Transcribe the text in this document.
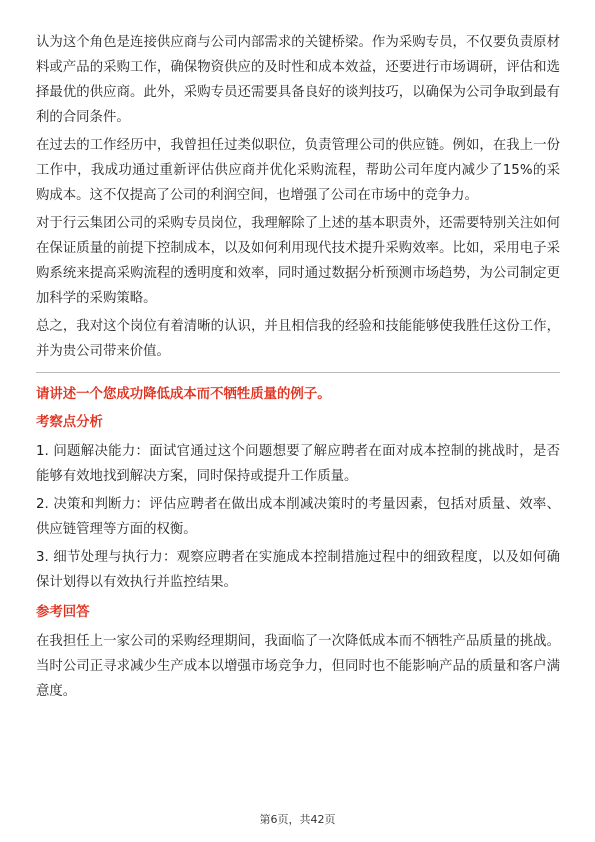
认为这个角色是连接供应商与公司内部需求的关键桥梁。作为采购专员，不仅要负责原材料或产品的采购工作，确保物资供应的及时性和成本效益，还要进行市场调研，评估和选择最优的供应商。此外，采购专员还需要具备良好的谈判技巧，以确保为公司争取到最有利的合同条件。

在过去的工作经历中，我曾担任过类似职位，负责管理公司的供应链。例如，在我上一份工作中，我成功通过重新评估供应商并优化采购流程，帮助公司年度内减少了15%的采购成本。这不仅提高了公司的利润空间，也增强了公司在市场中的竞争力。

对于行云集团公司的采购专员岗位，我理解除了上述的基本职责外，还需要特别关注如何在保证质量的前提下控制成本，以及如何利用现代技术提升采购效率。比如，采用电子采购系统来提高采购流程的透明度和效率，同时通过数据分析预测市场趋势，为公司制定更加科学的采购策略。

总之，我对这个岗位有着清晰的认识，并且相信我的经验和技能能够使我胜任这份工作，并为贵公司带来价值。

请讲述一个您成功降低成本而不牺牲质量的例子。

考察点分析

1. 问题解决能力：面试官通过这个问题想要了解应聘者在面对成本控制的挑战时，是否能够有效地找到解决方案，同时保持或提升工作质量。

2. 决策和判断力：评估应聘者在做出成本削减决策时的考量因素，包括对质量、效率、供应链管理等方面的权衡。

3. 细节处理与执行力：观察应聘者在实施成本控制措施过程中的细致程度，以及如何确保计划得以有效执行并监控结果。

参考回答

在我担任上一家公司的采购经理期间，我面临了一次降低成本而不牺牲产品质量的挑战。当时公司正寻求减少生产成本以增强市场竞争力，但同时也不能影响产品的质量和客户满意度。

第6页，共42页
